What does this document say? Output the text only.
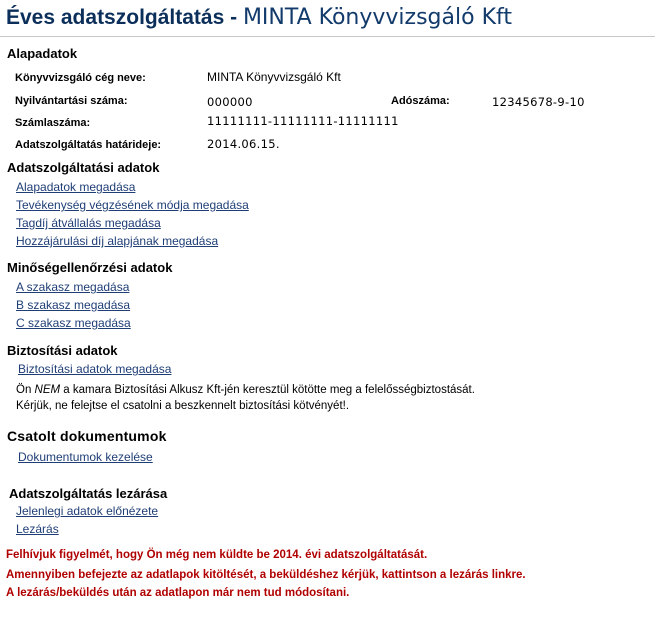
Éves adatszolgáltatás - MINTA Könyvvizsgáló Kft
Alapadatok
Könyvvizsgáló cég neve:	MINTA Könyvvizsgáló Kft
Nyilvántartási száma:	000000	Adószáma:	12345678-9-10
Számlaszáma:	11111111-11111111-11111111
Adatszolgáltatás határideje:	2014.06.15.
Adatszolgáltatási adatok
Alapadatok megadása
Tevékenység végzésének módja megadása
Tagdíj átvállalás megadása
Hozzájárulási díj alapjának megadása
Minőségellenőrzési adatok
A szakasz megadása
B szakasz megadása
C szakasz megadása
Biztosítási adatok
Biztosítási adatok megadása
Ön NEM a kamara Biztosítási Alkusz Kft-jén keresztül kötötte meg a felelősségbiztostását.
Kérjük, ne felejtse el csatolni a beszkennelt biztosítási kötvényét!.
Csatolt dokumentumok
Dokumentumok kezelése
Adatszolgáltatás lezárása
Jelenlegi adatok előnézete
Lezárás
Felhívjuk figyelmét, hogy Ön még nem küldte be 2014. évi adatszolgáltatását.
Amennyiben befejezte az adatlapok kitöltését, a beküldéshez kérjük, kattintson a lezárás linkre.
A lezárás/beküldés után az adatlapon már nem tud módosítani.
